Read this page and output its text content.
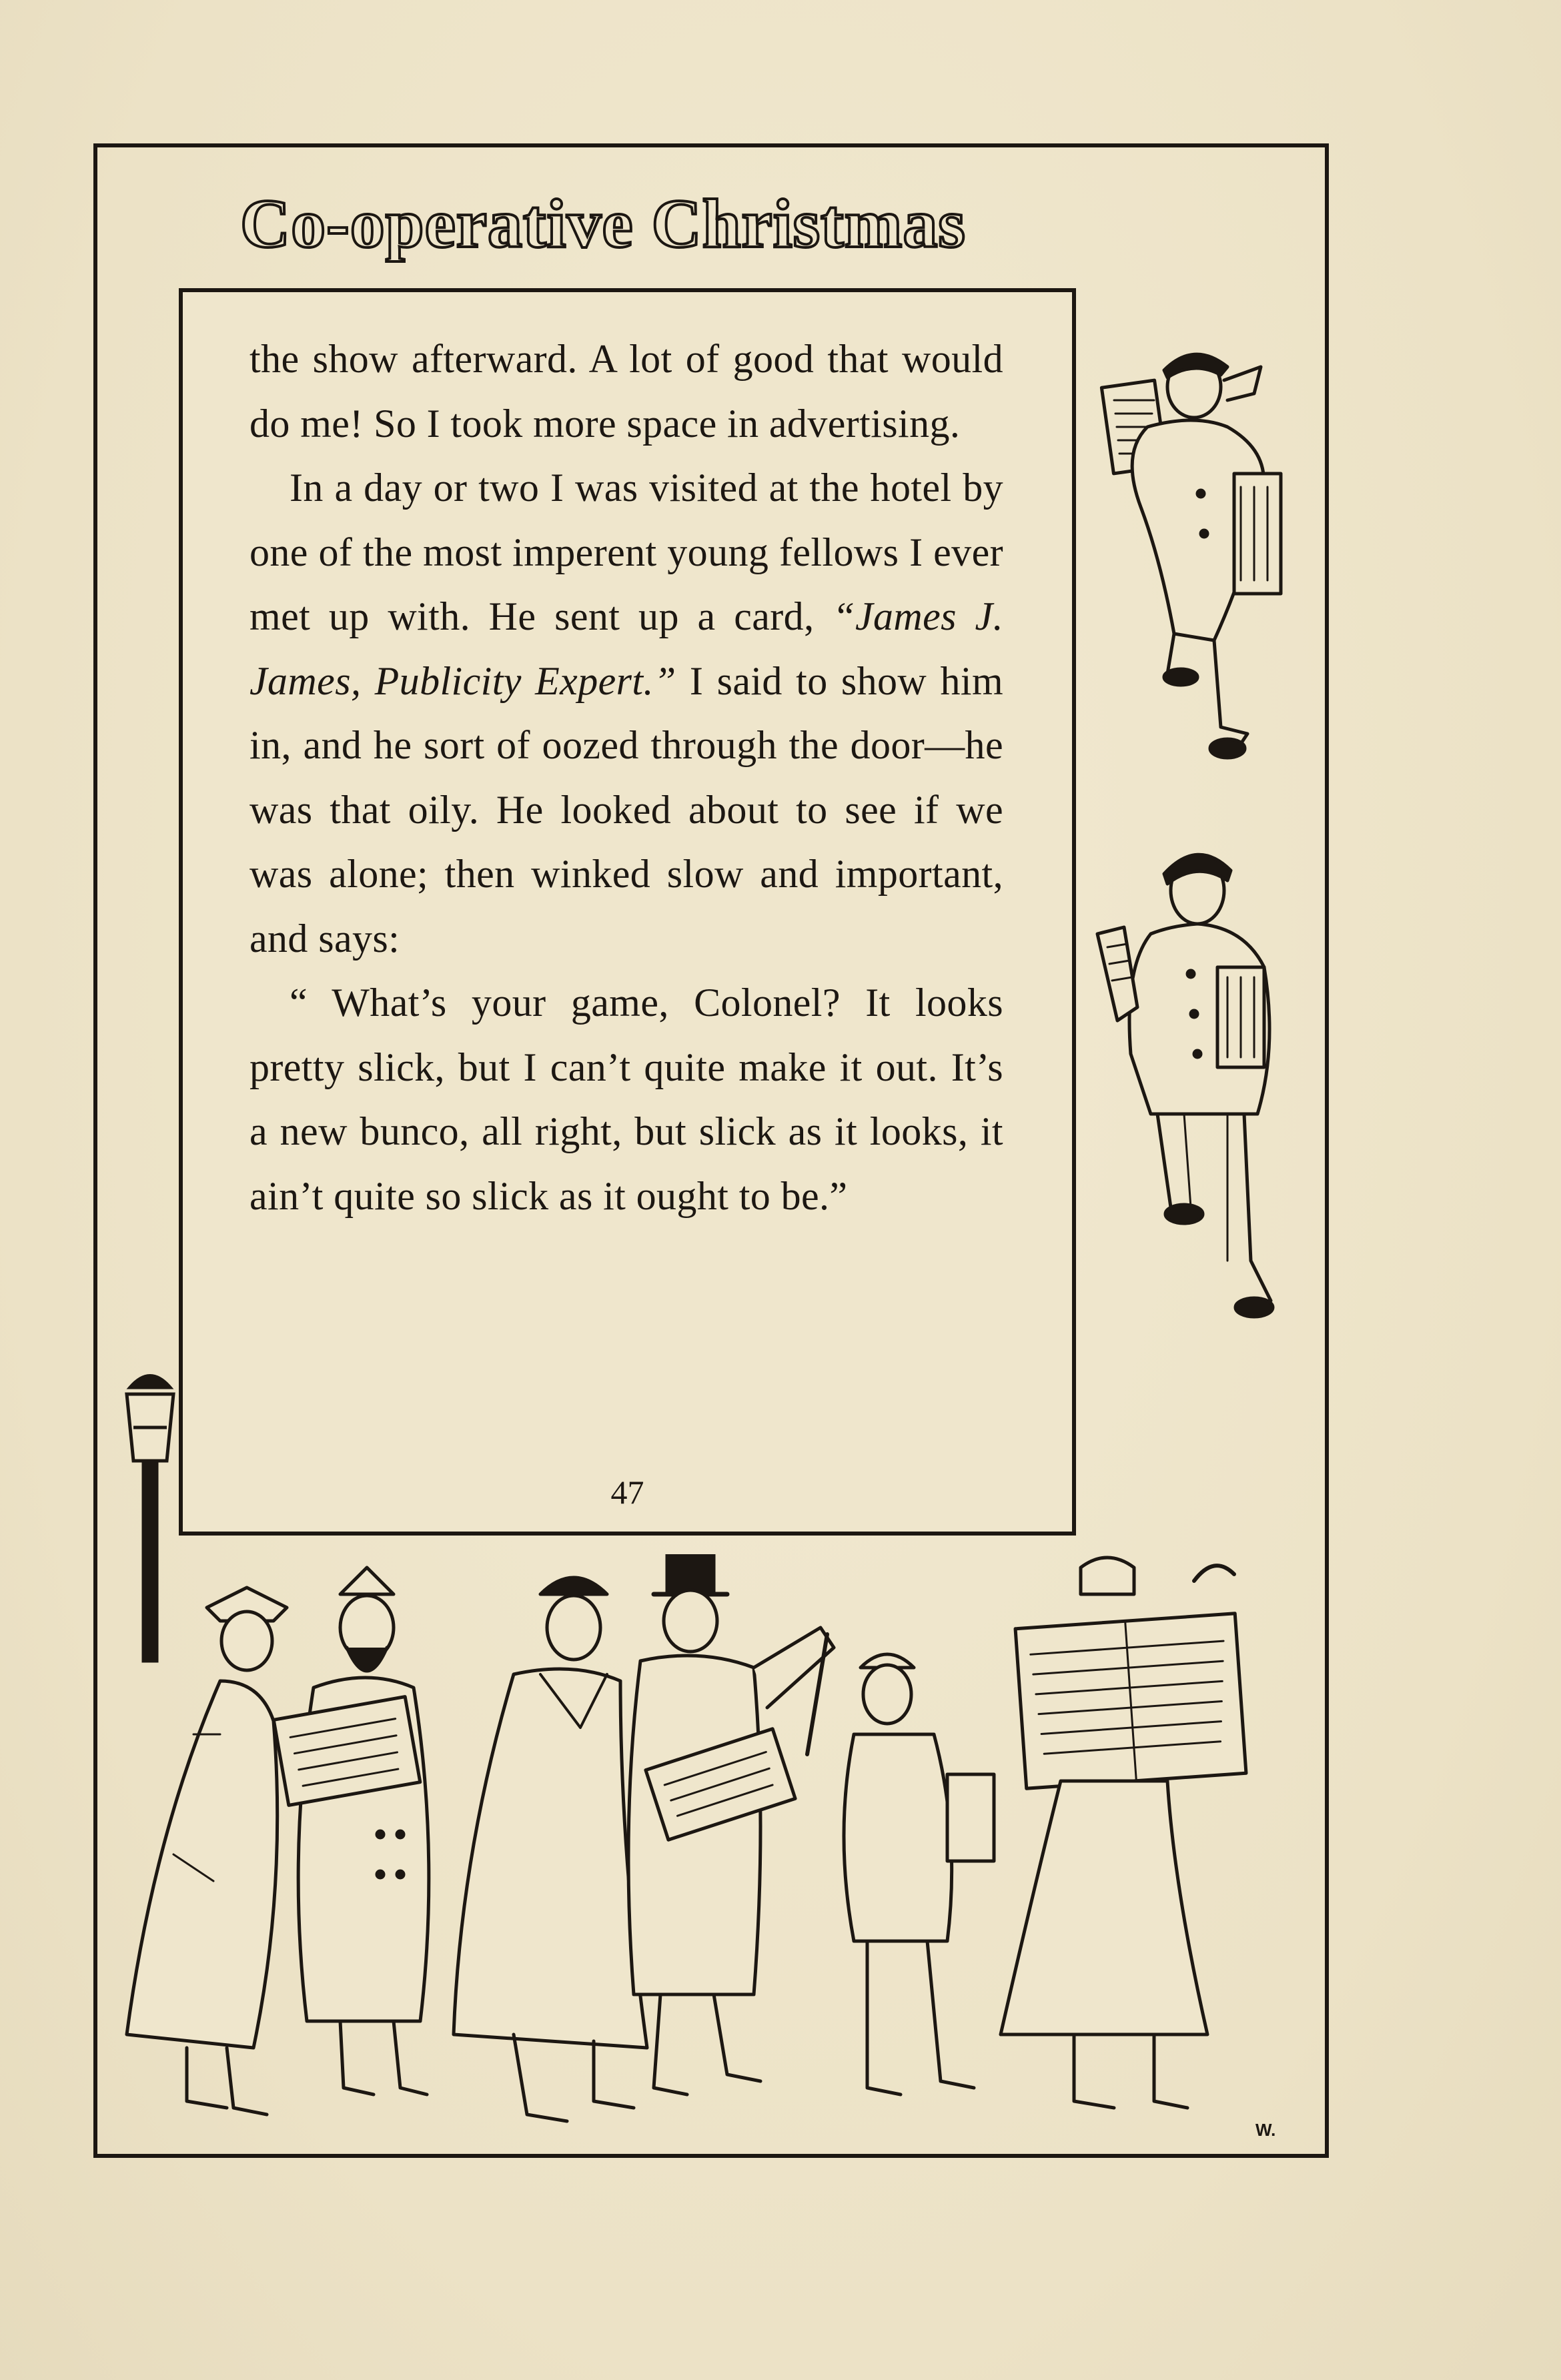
Co-operative Christmas

the show afterward. A lot of good that would do me! So I took more space in advertising.

In a day or two I was visited at the hotel by one of the most imperent young fellows I ever met up with. He sent up a card, “James J. James, Publicity Expert.” I said to show him in, and he sort of oozed through the door—he was that oily. He looked about to see if we was alone; then winked slow and important, and says:

“ What’s your game, Colonel? It looks pretty slick, but I can’t quite make it out. It’s a new bunco, all right, but slick as it looks, it ain’t quite so slick as it ought to be.”

47
W.
